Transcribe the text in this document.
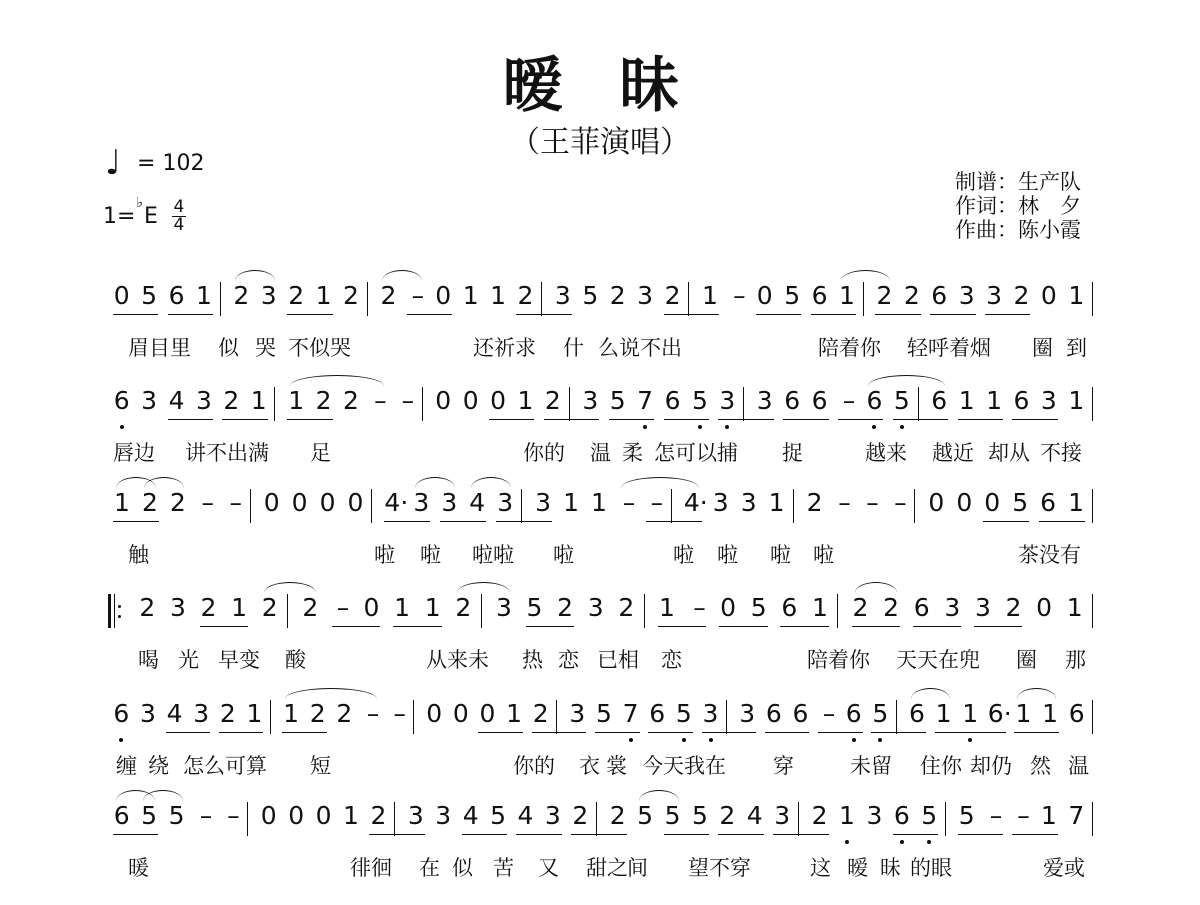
暧 昧
（王菲演唱）
♩ = 102
1=
♭
E 4
4
制谱：生产队
作词：林　夕
作曲：陈小霞
0 5 6 1 2 3 2 1 2 2 – 0 1 1 2 3 5 2 3 2 1 – 0 5 6 1 2 2 6 3 3 2 0 1
眉目里 似 哭 不似 哭	还祈求 什 么说不出	陪着你 轻呼着烟 圈 到
6 3 4 3 2 1 1 2 2 – – 0 0 0 1 2 3 5 7 6 5 3 3 6 6 – 6 5 6 1 1 6 3 1
唇边 讲不出满 足	你的 温 柔 怎可以捕 捉	越来 越近 却从 不接
1 2 2 – – 0 0 0 0 4· 3 3 4 3 3 1 1 – – 4· 3 3 1 2 – – – 0 0 0 5 6 1
触	啦 啦 啦啦 啦	啦 啦 啦 啦	茶没有
2 3 2 1 2 2 – 0 1 1 2 3 5 2 3 2 1 – 0 5 6 1 2 2 6 3 3 2 0 1
喝 光 早变 酸	从来未 热 恋 已相 恋	陪着你 天天在兜 圈 那
6 3 4 3 2 1 1 2 2 – – 0 0 0 1 2 3 5 7 6 5 3 3 6 6 – 6 5 6 1 1 6· 1 1 6
缠 绕 怎么可算 短	你的 衣 裳 今天我在 穿	未留 住你 却仍 然 温
6 5 5 – – 0 0 0 1 2 3 3 4 5 4 3 2 2 5 5 5 2 4 3 2 1 3 6 5 5 – – 1 7
暖	徘徊 在 似 苦 又 甜之 间 望不穿	这 暧 昧 的眼	爱或
